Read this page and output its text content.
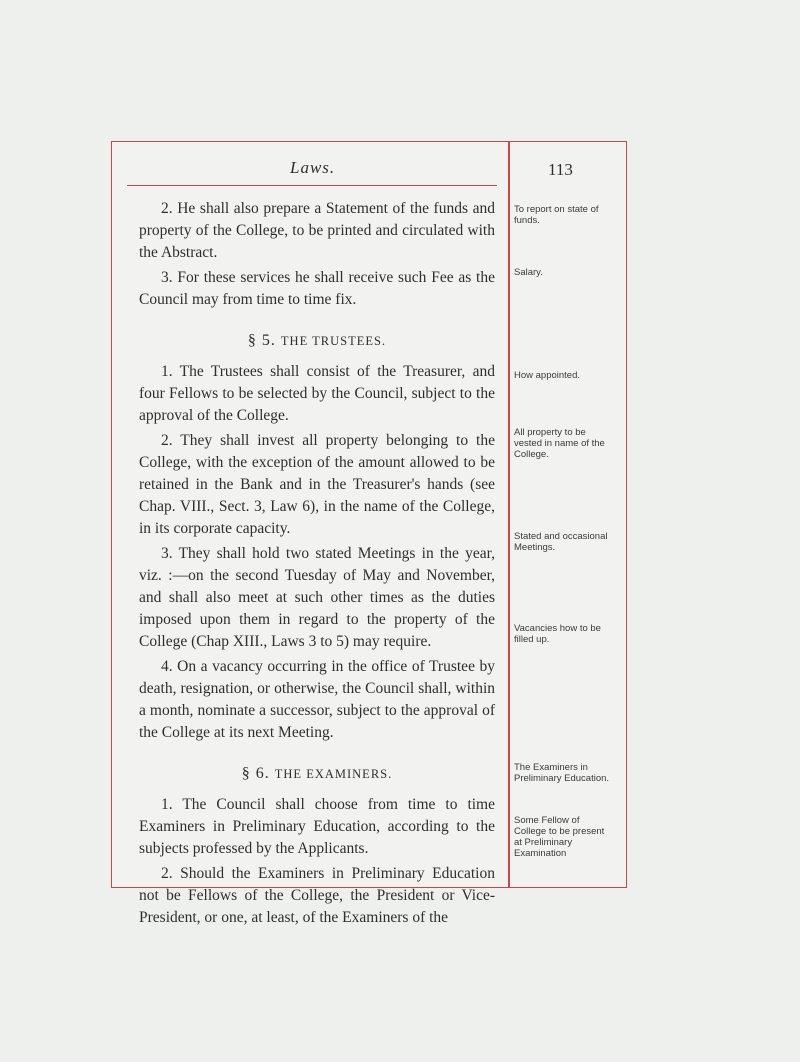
Laws.	113

2. He shall also prepare a Statement of the funds and property of the College, to be printed and circulated with the Abstract.

3. For these services he shall receive such Fee as the Council may from time to time fix.

§ 5. THE TRUSTEES.

1. The Trustees shall consist of the Treasurer, and four Fellows to be selected by the Council, subject to the approval of the College.

2. They shall invest all property belonging to the College, with the exception of the amount allowed to be retained in the Bank and in the Treasurer's hands (see Chap. VIII., Sect. 3, Law 6), in the name of the College, in its corporate capacity.

3. They shall hold two stated Meetings in the year, viz. :—on the second Tuesday of May and November, and shall also meet at such other times as the duties imposed upon them in regard to the property of the College (Chap XIII., Laws 3 to 5) may require.

4. On a vacancy occurring in the office of Trustee by death, resignation, or otherwise, the Council shall, within a month, nominate a successor, subject to the approval of the College at its next Meeting.

§ 6. THE EXAMINERS.

1. The Council shall choose from time to time Examiners in Preliminary Education, according to the subjects professed by the Applicants.

2. Should the Examiners in Preliminary Education not be Fellows of the College, the President or Vice-President, or one, at least, of the Examiners of the

To report on state of funds.
Salary.
How appointed.
All property to be vested in name of the College.
Stated and occasional Meetings.
Vacancies how to be filled up.
The Examiners in Preliminary Education.
Some Fellow of College to be present at Preliminary Examination
